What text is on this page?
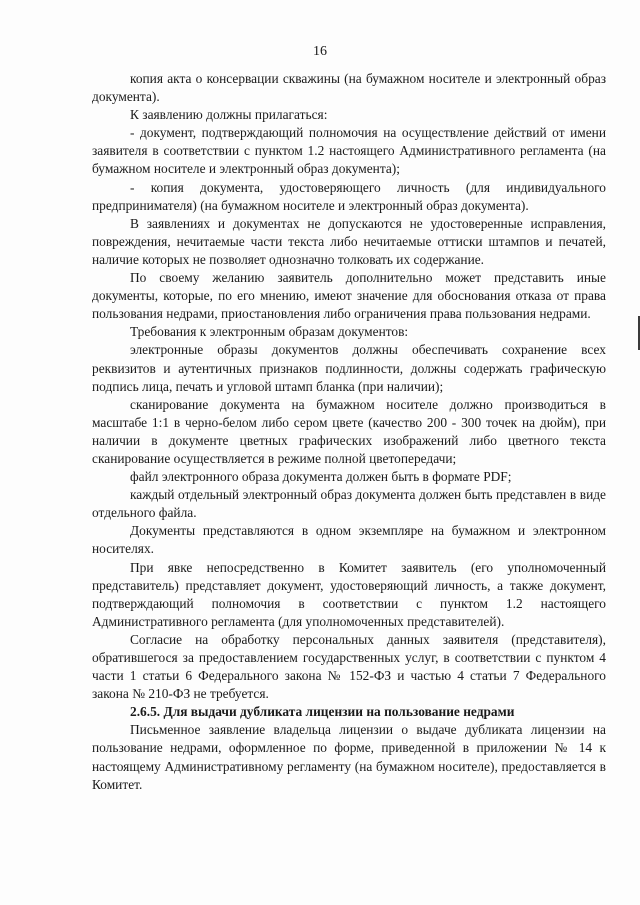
16

копия акта о консервации скважины (на бумажном носителе и электронный образ документа).

К заявлению должны прилагаться:

- документ, подтверждающий полномочия на осуществление действий от имени заявителя в соответствии с пунктом 1.2 настоящего Административного регламента (на бумажном носителе и электронный образ документа);

- копия документа, удостоверяющего личность (для индивидуального предпринимателя) (на бумажном носителе и электронный образ документа).

В заявлениях и документах не допускаются не удостоверенные исправления, повреждения, нечитаемые части текста либо нечитаемые оттиски штампов и печатей, наличие которых не позволяет однозначно толковать их содержание.

По своему желанию заявитель дополнительно может представить иные документы, которые, по его мнению, имеют значение для обоснования отказа от права пользования недрами, приостановления либо ограничения права пользования недрами.

Требования к электронным образам документов:

электронные образы документов должны обеспечивать сохранение всех реквизитов и аутентичных признаков подлинности, должны содержать графическую подпись лица, печать и угловой штамп бланка (при наличии);

сканирование документа на бумажном носителе должно производиться в масштабе 1:1 в черно-белом либо сером цвете (качество 200 - 300 точек на дюйм), при наличии в документе цветных графических изображений либо цветного текста сканирование осуществляется в режиме полной цветопередачи;

файл электронного образа документа должен быть в формате PDF;

каждый отдельный электронный образ документа должен быть представлен в виде отдельного файла.

Документы представляются в одном экземпляре на бумажном и электронном носителях.

При явке непосредственно в Комитет заявитель (его уполномоченный представитель) представляет документ, удостоверяющий личность, а также документ, подтверждающий полномочия в соответствии с пунктом 1.2 настоящего Административного регламента (для уполномоченных представителей).

Согласие на обработку персональных данных заявителя (представителя), обратившегося за предоставлением государственных услуг, в соответствии с пунктом 4 части 1 статьи 6 Федерального закона № 152-ФЗ и частью 4 статьи 7 Федерального закона № 210-ФЗ не требуется.

2.6.5. Для выдачи дубликата лицензии на пользование недрами

Письменное заявление владельца лицензии о выдаче дубликата лицензии на пользование недрами, оформленное по форме, приведенной в приложении № 14 к настоящему Административному регламенту (на бумажном носителе), предоставляется в Комитет.
